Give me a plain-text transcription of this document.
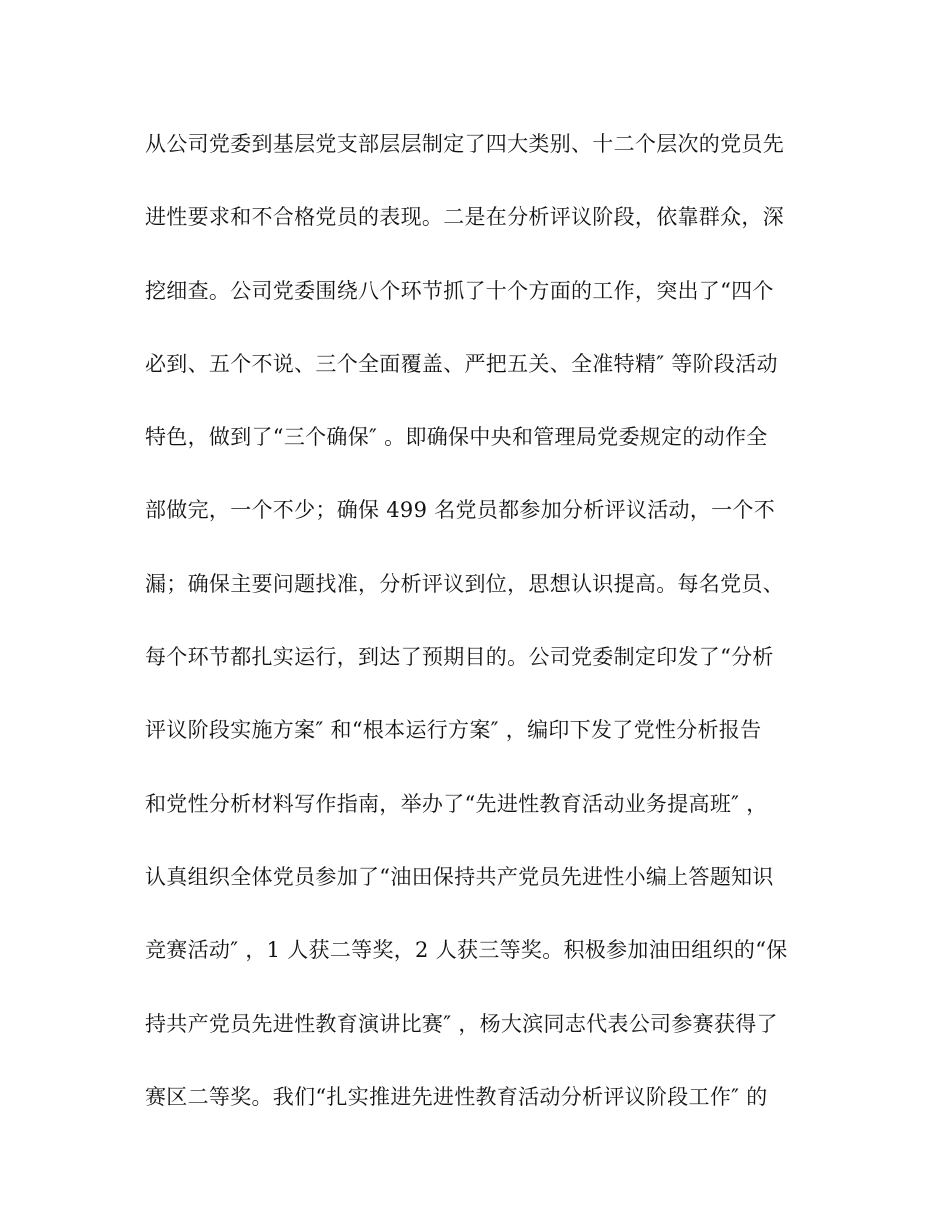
从公司党委到基层党支部层层制定了四大类别、十二个层次的党员先
进性要求和不合格党员的表现。二是在分析评议阶段，依靠群众，深
挖细查。公司党委围绕八个环节抓了十个方面的工作，突出了“四个
必到、五个不说、三个全面覆盖、严把五关、全准特精″ 等阶段活动
特色，做到了“三个确保″ 。即确保中央和管理局党委规定的动作全
部做完，一个不少；确保 499 名党员都参加分析评议活动，一个不
漏；确保主要问题找准，分析评议到位，思想认识提高。每名党员、
每个环节都扎实运行，到达了预期目的。公司党委制定印发了“分析
评议阶段实施方案″ 和“根本运行方案″ ，编印下发了党性分析报告
和党性分析材料写作指南，举办了“先进性教育活动业务提高班″ ，
认真组织全体党员参加了“油田保持共产党员先进性小编上答题知识
竞赛活动″ ，1 人获二等奖，2 人获三等奖。积极参加油田组织的“保
持共产党员先进性教育演讲比赛″ ，杨大滨同志代表公司参赛获得了
赛区二等奖。我们“扎实推进先进性教育活动分析评议阶段工作″ 的
